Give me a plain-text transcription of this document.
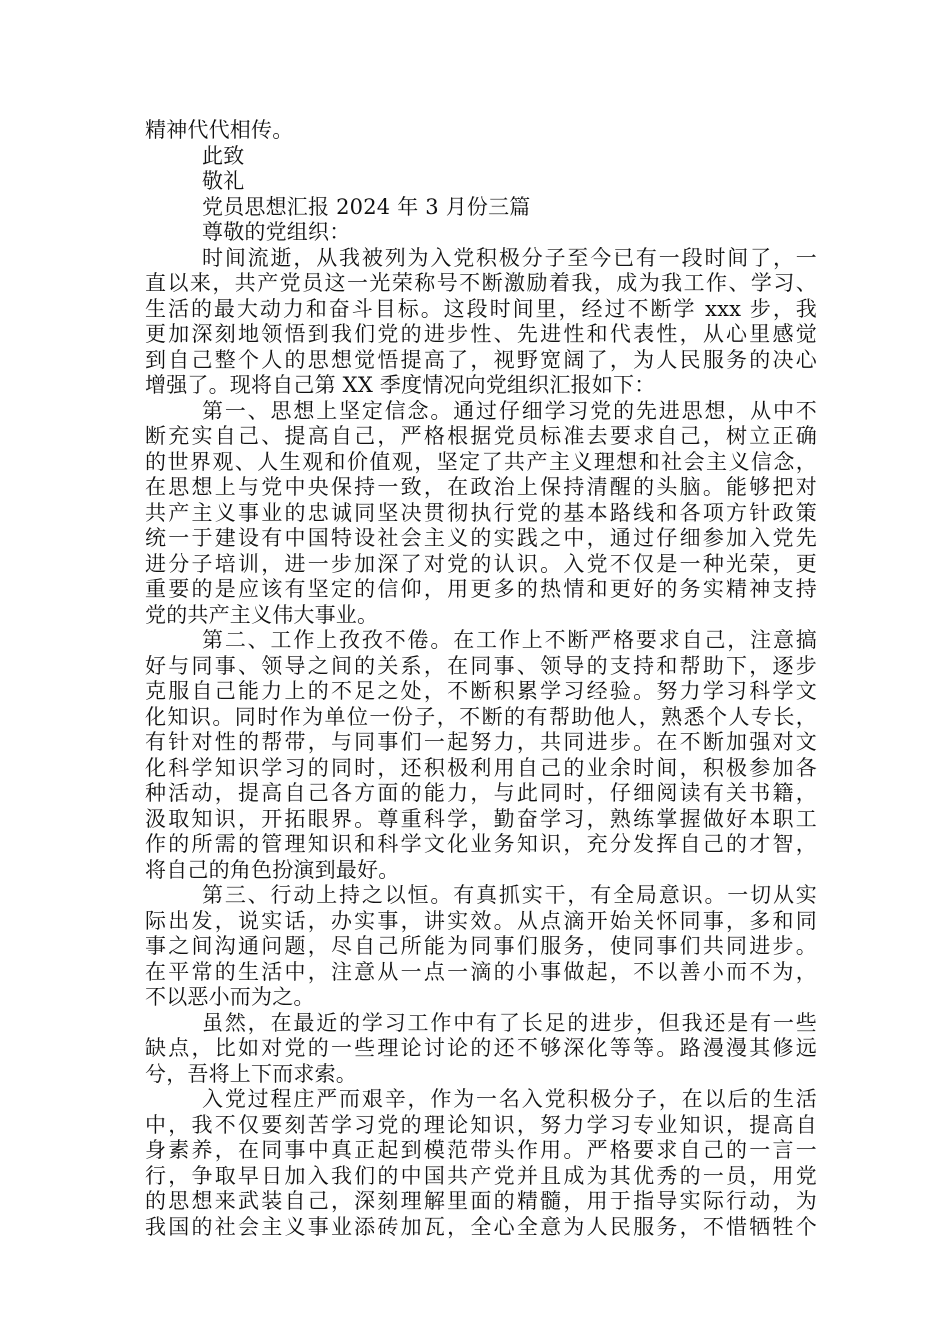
精神代代相传。
此致
敬礼
党员思想汇报 2024 年 3 月份三篇
尊敬的党组织：
时间流逝，从我被列为入党积极分子至今已有一段时间了，一
直以来，共产党员这一光荣称号不断激励着我，成为我工作、学习、
生活的最大动力和奋斗目标。这段时间里，经过不断学 xxx 步，我
更加深刻地领悟到我们党的进步性、先进性和代表性，从心里感觉
到自己整个人的思想觉悟提高了，视野宽阔了，为人民服务的决心
增强了。现将自己第 XX 季度情况向党组织汇报如下：
第一、思想上坚定信念。通过仔细学习党的先进思想，从中不
断充实自己、提高自己，严格根据党员标准去要求自己，树立正确
的世界观、人生观和价值观，坚定了共产主义理想和社会主义信念，
在思想上与党中央保持一致，在政治上保持清醒的头脑。能够把对
共产主义事业的忠诚同坚决贯彻执行党的基本路线和各项方针政策
统一于建设有中国特设社会主义的实践之中，通过仔细参加入党先
进分子培训，进一步加深了对党的认识。入党不仅是一种光荣，更
重要的是应该有坚定的信仰，用更多的热情和更好的务实精神支持
党的共产主义伟大事业。
第二、工作上孜孜不倦。在工作上不断严格要求自己，注意搞
好与同事、领导之间的关系，在同事、领导的支持和帮助下，逐步
克服自己能力上的不足之处，不断积累学习经验。努力学习科学文
化知识。同时作为单位一份子，不断的有帮助他人，熟悉个人专长，
有针对性的帮带，与同事们一起努力，共同进步。在不断加强对文
化科学知识学习的同时，还积极利用自己的业余时间，积极参加各
种活动，提高自己各方面的能力，与此同时，仔细阅读有关书籍，
汲取知识，开拓眼界。尊重科学，勤奋学习，熟练掌握做好本职工
作的所需的管理知识和科学文化业务知识，充分发挥自己的才智，
将自己的角色扮演到最好。
第三、行动上持之以恒。有真抓实干，有全局意识。一切从实
际出发，说实话，办实事，讲实效。从点滴开始关怀同事，多和同
事之间沟通问题，尽自己所能为同事们服务，使同事们共同进步。
在平常的生活中，注意从一点一滴的小事做起，不以善小而不为，
不以恶小而为之。
虽然，在最近的学习工作中有了长足的进步，但我还是有一些
缺点，比如对党的一些理论讨论的还不够深化等等。路漫漫其修远
兮，吾将上下而求索。
入党过程庄严而艰辛，作为一名入党积极分子，在以后的生活
中，我不仅要刻苦学习党的理论知识，努力学习专业知识，提高自
身素养，在同事中真正起到模范带头作用。严格要求自己的一言一
行，争取早日加入我们的中国共产党并且成为其优秀的一员，用党
的思想来武装自己，深刻理解里面的精髓，用于指导实际行动，为
我国的社会主义事业添砖加瓦，全心全意为人民服务，不惜牺牲个
